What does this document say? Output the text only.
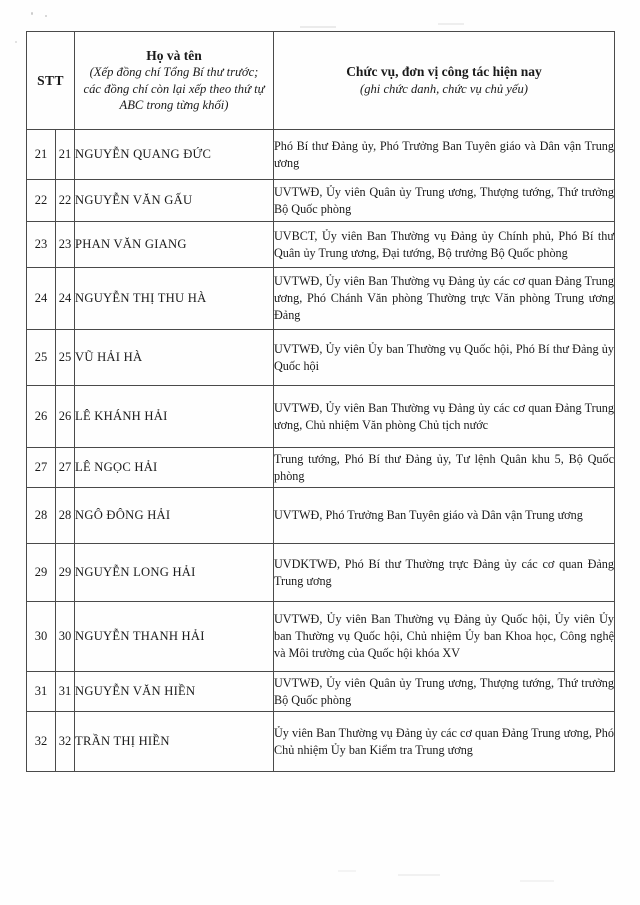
STT		Họ và tên
(Xếp đồng chí Tổng Bí thư trước;
các đồng chí còn lại xếp theo thứ tự
ABC trong từng khối)	Chức vụ, đơn vị công tác hiện nay
(ghi chức danh, chức vụ chủ yếu)

21	21	NGUYỄN QUANG ĐỨC	Phó Bí thư Đảng ủy, Phó Trưởng Ban Tuyên giáo và Dân vận Trung ương
22	22	NGUYỄN VĂN GẤU	UVTWĐ, Ủy viên Quân ủy Trung ương, Thượng tướng, Thứ trưởng Bộ Quốc phòng
23	23	PHAN VĂN GIANG	UVBCT, Ủy viên Ban Thường vụ Đảng ủy Chính phủ, Phó Bí thư Quân ủy Trung ương, Đại tướng, Bộ trưởng Bộ Quốc phòng
24	24	NGUYỄN THỊ THU HÀ	UVTWĐ, Ủy viên Ban Thường vụ Đảng ủy các cơ quan Đảng Trung ương, Phó Chánh Văn phòng Thường trực Văn phòng Trung ương Đảng
25	25	VŨ HẢI HÀ	UVTWĐ, Ủy viên Ủy ban Thường vụ Quốc hội, Phó Bí thư Đảng ủy Quốc hội
26	26	LÊ KHÁNH HẢI	UVTWĐ, Ủy viên Ban Thường vụ Đảng ủy các cơ quan Đảng Trung ương, Chủ nhiệm Văn phòng Chủ tịch nước
27	27	LÊ NGỌC HẢI	Trung tướng, Phó Bí thư Đảng ủy, Tư lệnh Quân khu 5, Bộ Quốc phòng
28	28	NGÔ ĐÔNG HẢI	UVTWĐ, Phó Trưởng Ban Tuyên giáo và Dân vận Trung ương
29	29	NGUYỄN LONG HẢI	UVDKTWĐ, Phó Bí thư Thường trực Đảng ủy các cơ quan Đảng Trung ương
30	30	NGUYỄN THANH HẢI	UVTWĐ, Ủy viên Ban Thường vụ Đảng ủy Quốc hội, Ủy viên Ủy ban Thường vụ Quốc hội, Chủ nhiệm Ủy ban Khoa học, Công nghệ và Môi trường của Quốc hội khóa XV
31	31	NGUYỄN VĂN HIỀN	UVTWĐ, Ủy viên Quân ủy Trung ương, Thượng tướng, Thứ trưởng Bộ Quốc phòng
32	32	TRẦN THỊ HIỀN	Ủy viên Ban Thường vụ Đảng ủy các cơ quan Đảng Trung ương, Phó Chủ nhiệm Ủy ban Kiểm tra Trung ương
